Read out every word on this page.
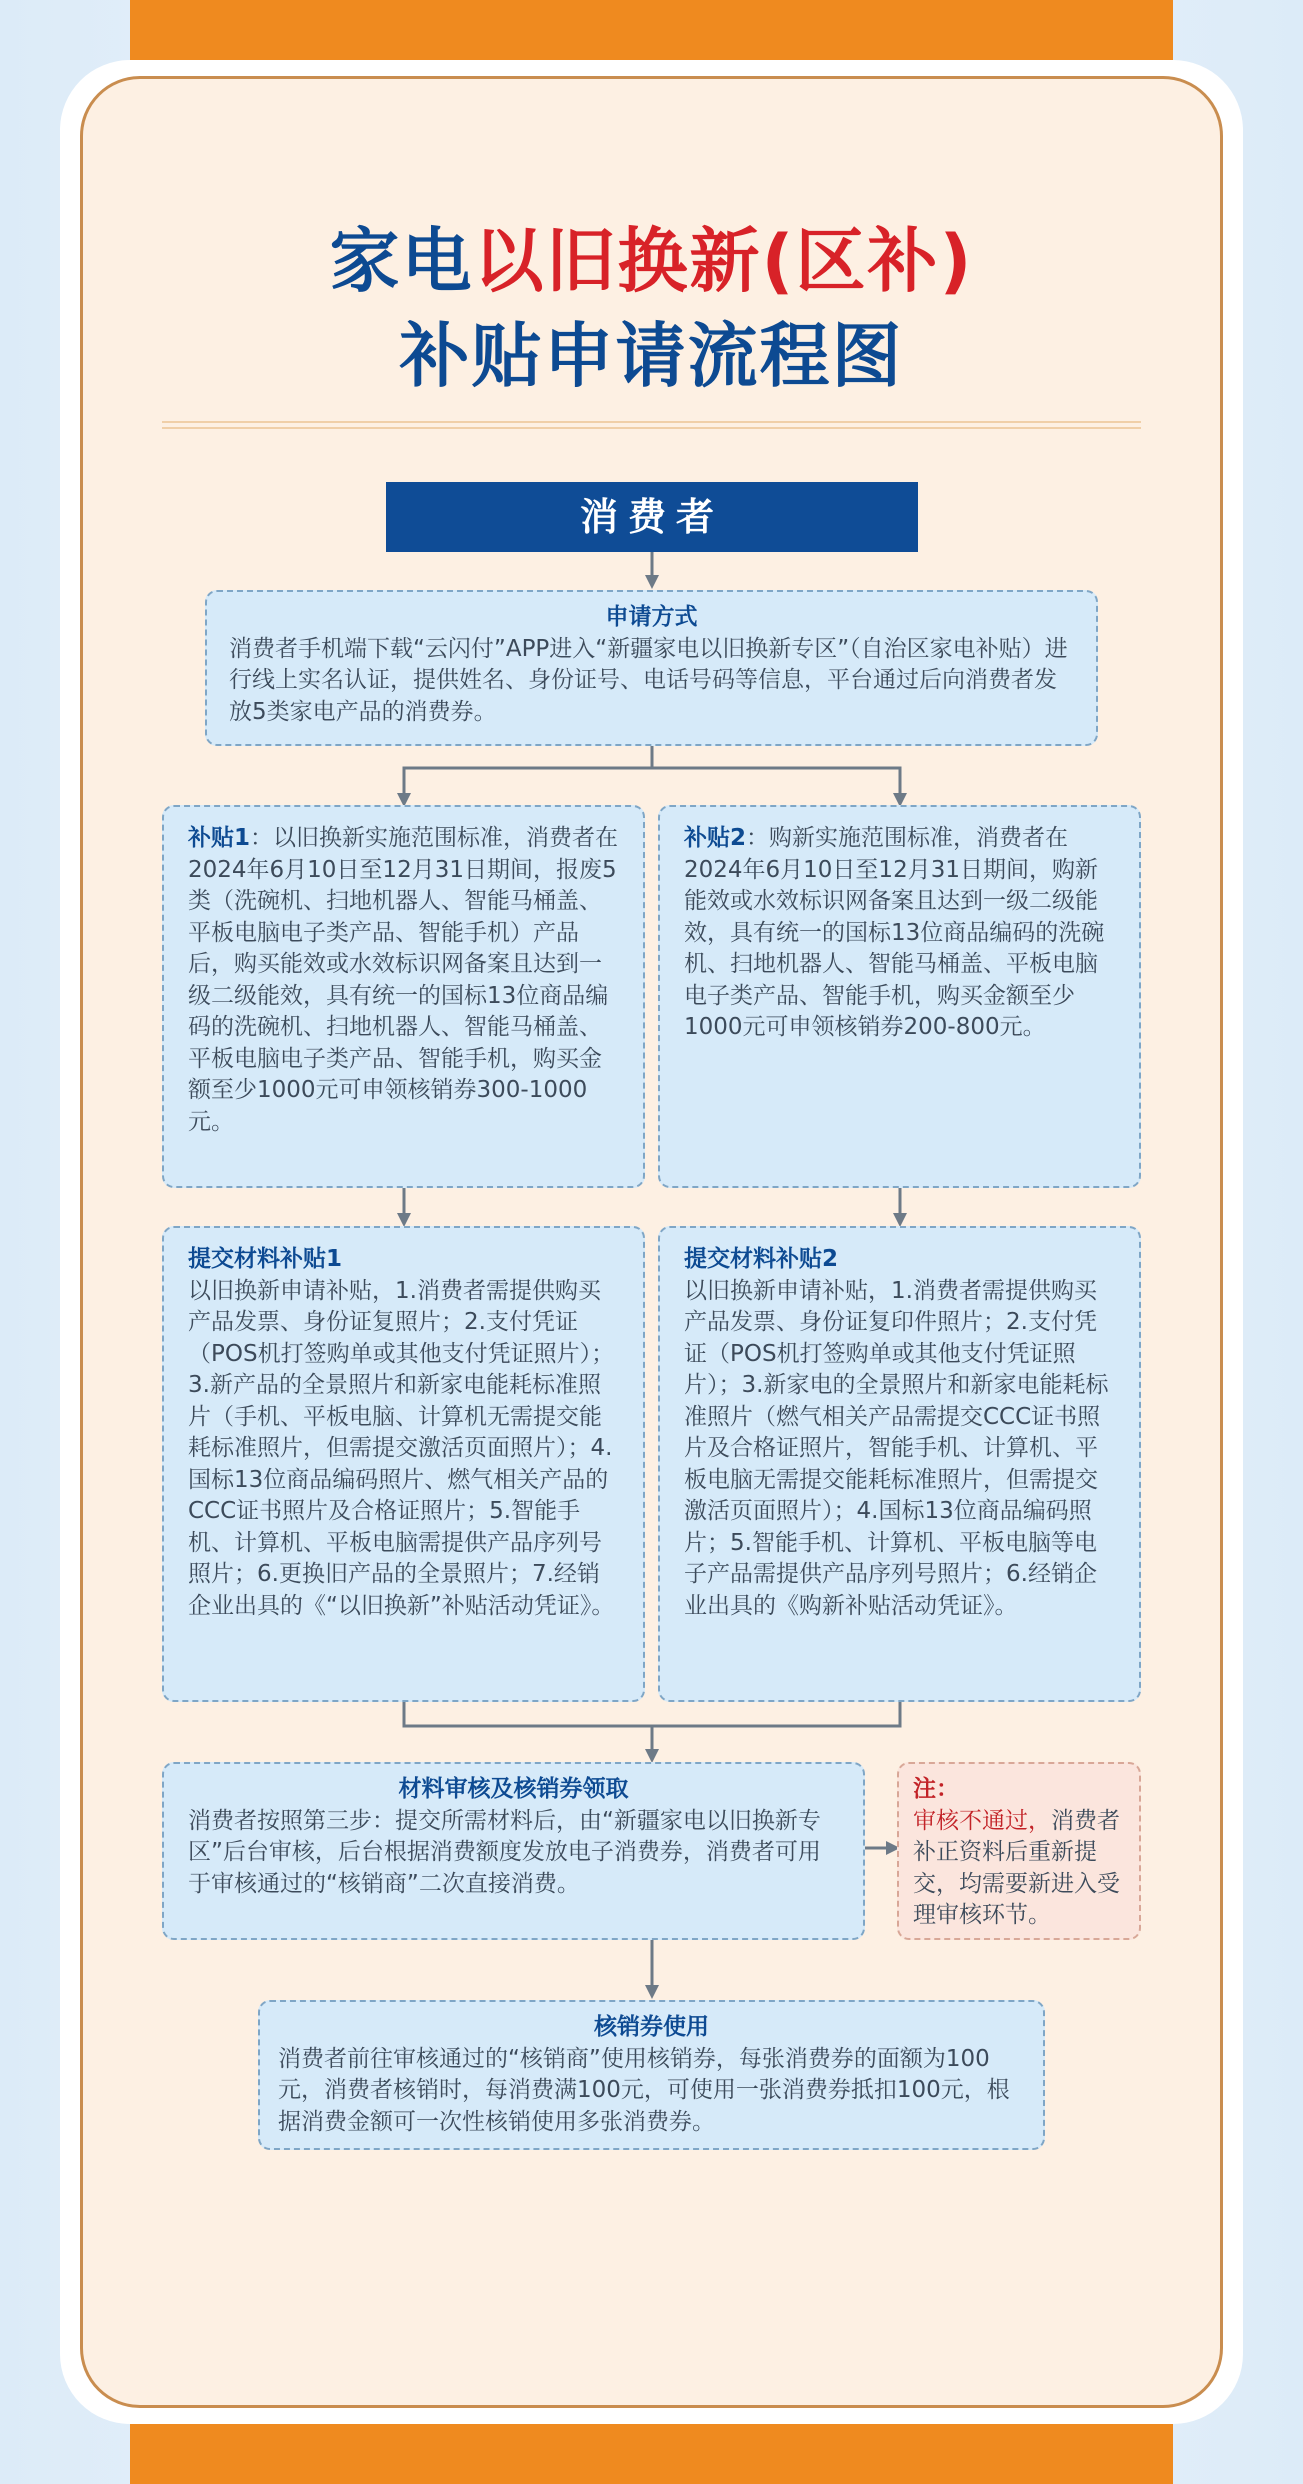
家电以旧换新(区补)
补贴申请流程图
消费者
申请方式
消费者手机端下载“云闪付”APP进入“新疆家电以旧换新专区”（自治区家电补贴）进行线上实名认证，提供姓名、身份证号、电话号码等信息，平台通过后向消费者发放5类家电产品的消费券。
补贴1：以旧换新实施范围标准，消费者在2024年6月10日至12月31日期间，报废5类（洗碗机、扫地机器人、智能马桶盖、平板电脑电子类产品、智能手机）产品后，购买能效或水效标识网备案且达到一级二级能效，具有统一的国标13位商品编码的洗碗机、扫地机器人、智能马桶盖、平板电脑电子类产品、智能手机，购买金额至少1000元可申领核销券300-1000元。
补贴2：购新实施范围标准，消费者在2024年6月10日至12月31日期间，购新能效或水效标识网备案且达到一级二级能效，具有统一的国标13位商品编码的洗碗机、扫地机器人、智能马桶盖、平板电脑电子类产品、智能手机，购买金额至少1000元可申领核销券200-800元。
提交材料补贴1
以旧换新申请补贴，1.消费者需提供购买产品发票、身份证复照片；2.支付凭证（POS机打签购单或其他支付凭证照片）；3.新产品的全景照片和新家电能耗标准照片（手机、平板电脑、计算机无需提交能耗标准照片，但需提交激活页面照片）；4.国标13位商品编码照片、燃气相关产品的CCC证书照片及合格证照片；5.智能手机、计算机、平板电脑需提供产品序列号照片；6.更换旧产品的全景照片；7.经销企业出具的《“以旧换新”补贴活动凭证》。
提交材料补贴2
以旧换新申请补贴，1.消费者需提供购买产品发票、身份证复印件照片；2.支付凭证（POS机打签购单或其他支付凭证照片）；3.新家电的全景照片和新家电能耗标准照片（燃气相关产品需提交CCC证书照片及合格证照片，智能手机、计算机、平板电脑无需提交能耗标准照片，但需提交激活页面照片）；4.国标13位商品编码照片；5.智能手机、计算机、平板电脑等电子产品需提供产品序列号照片；6.经销企业出具的《购新补贴活动凭证》。
材料审核及核销券领取
消费者按照第三步：提交所需材料后，由“新疆家电以旧换新专区”后台审核，后台根据消费额度发放电子消费券，消费者可用于审核通过的“核销商”二次直接消费。
注：
审核不通过，消费者补正资料后重新提交，均需要新进入受理审核环节。
核销券使用
消费者前往审核通过的“核销商”使用核销券，每张消费券的面额为100元，消费者核销时，每消费满100元，可使用一张消费券抵扣100元，根据消费金额可一次性核销使用多张消费券。
